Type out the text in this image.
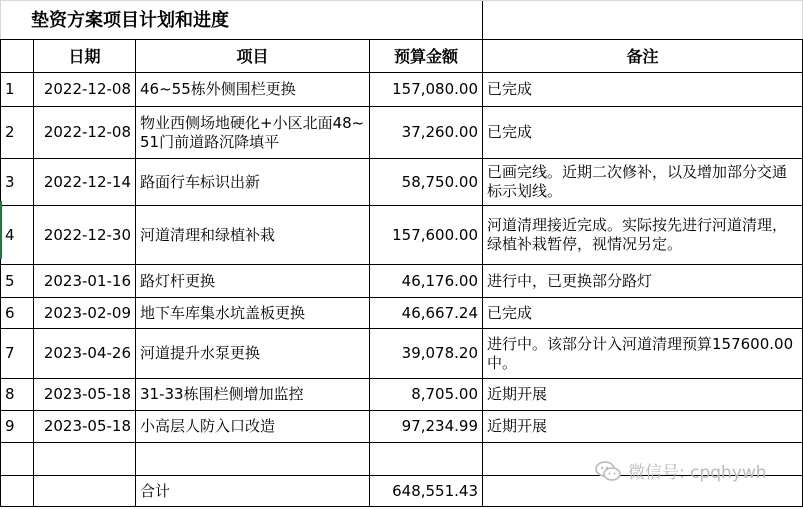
垫资方案项目计划和进度				
	日期	项目	预算金额	备注
1	2022-12-08	46~55栋外侧围栏更换	157,080.00	已完成
2	2022-12-08	物业西侧场地硬化+小区北面48~51门前道路沉降填平	37,260.00	已完成
3	2022-12-14	路面行车标识出新	58,750.00	已画完线。近期二次修补，以及增加部分交通标示划线。
4	2022-12-30	河道清理和绿植补栽	157,600.00	河道清理接近完成。实际按先进行河道清理，绿植补栽暂停，视情况另定。
5	2023-01-16	路灯杆更换	46,176.00	进行中，已更换部分路灯
6	2023-02-09	地下车库集水坑盖板更换	46,667.24	已完成
7	2023-04-26	河道提升水泵更换	39,078.20	进行中。该部分计入河道清理预算157600.00中。
8	2023-05-18	31-33栋围栏侧增加监控	8,705.00	近期开展
9	2023-05-18	小高层人防入口改造	97,234.99	近期开展

		合计	648,551.43	
微信号: cpqhywh
